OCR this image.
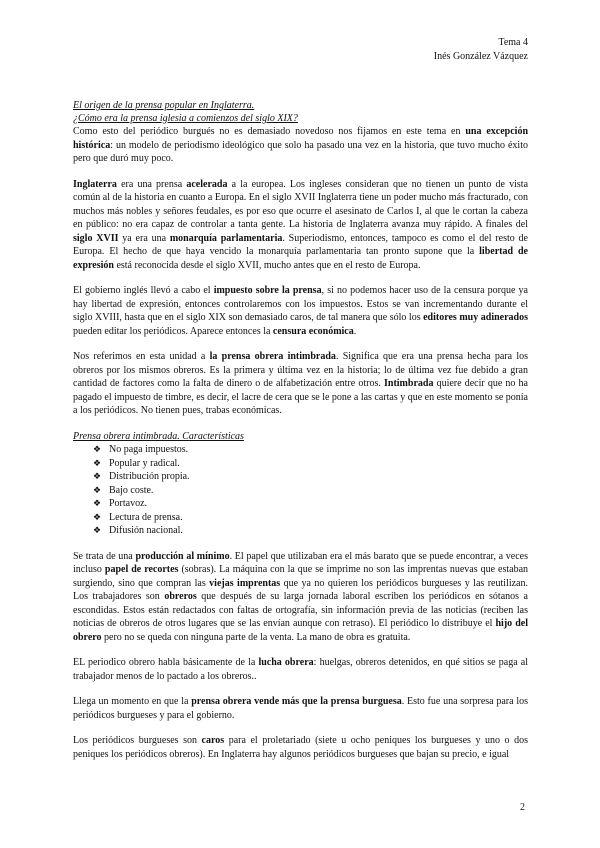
Tema 4
Inés González Vázquez
El origen de la prensa popular en Inglaterra.
¿Cómo era la prensa iglesia a comienzos del siglo XIX?

Como esto del periódico burgués no es demasiado novedoso nos fijamos en este tema en una excepción histórica: un modelo de periodismo ideológico que solo ha pasado una vez en la historia, que tuvo mucho éxito pero que duró muy poco.

Inglaterra era una prensa acelerada a la europea. Los ingleses consideran que no tienen un punto de vista común al de la historia en cuanto a Europa. En el siglo XVII Inglaterra tiene un poder mucho más fracturado, con muchos más nobles y señores feudales, es por eso que ocurre el asesinato de Carlos I, al que le cortan la cabeza en público: no era capaz de controlar a tanta gente. La historia de Inglaterra avanza muy rápido. A finales del siglo XVII ya era una monarquía parlamentaria. Superiodismo, entonces, tampoco es como el del resto de Europa. El hecho de que haya vencido la monarquía parlamentaria tan pronto supone que la libertad de expresión está reconocida desde el siglo XVII, mucho antes que en el resto de Europa.

El gobierno inglés llevó a cabo el impuesto sobre la prensa, si no podemos hacer uso de la censura porque ya hay libertad de expresión, entonces controlaremos con los impuestos. Estos se van incrementando durante el siglo XVIII, hasta que en el siglo XIX son demasiado caros, de tal manera que sólo los editores muy adinerados pueden editar los periódicos. Aparece entonces la censura económica.

Nos referimos en esta unidad a la prensa obrera intimbrada. Significa que era una prensa hecha para los obreros por los mismos obreros. Es la primera y última vez en la historia; lo de última vez fue debido a gran cantidad de factores como la falta de dinero o de alfabetización entre otros. Intimbrada quiere decir que no ha pagado el impuesto de timbre, es decir, el lacre de cera que se le pone a las cartas y que en este momento se ponía a los periódicos. No tienen pues, trabas económicas.

Prensa obrera intimbrada. Características
❖ No paga impuestos.
❖ Popular y radical.
❖ Distribución propia.
❖ Bajo coste.
❖ Portavoz.
❖ Lectura de prensa.
❖ Difusión nacional.

Se trata de una producción al mínimo. El papel que utilizaban era el más barato que se puede encontrar, a veces incluso papel de recortes (sobras). La máquina con la que se imprime no son las imprentas nuevas que estaban surgiendo, sino que compran las viejas imprentas que ya no quieren los periódicos burgueses y las reutilizan. Los trabajadores son obreros que después de su larga jornada laboral escriben los periódicos en sótanos a escondidas. Estos están redactados con faltas de ortografía, sin información previa de las noticias (reciben las noticias de obreros de otros lugares que se las envían aunque con retraso). El periódico lo distribuye el hijo del obrero pero no se queda con ninguna parte de la venta. La mano de obra es gratuita.

EL periodico obrero habla básicamente de la lucha obrera: huelgas, obreros detenidos, en qué sitios se paga al trabajador menos de lo pactado a los obreros..

Llega un momento en que la prensa obrera vende más que la prensa burguesa. Esto fue una sorpresa para los periódicos burgueses y para el gobierno.

Los periódicos burgueses son caros para el proletariado (siete u ocho peniques los burgueses y uno o dos peniques los periódicos obreros). En Inglaterra hay algunos periódicos burgueses que bajan su precio, e igual

2
